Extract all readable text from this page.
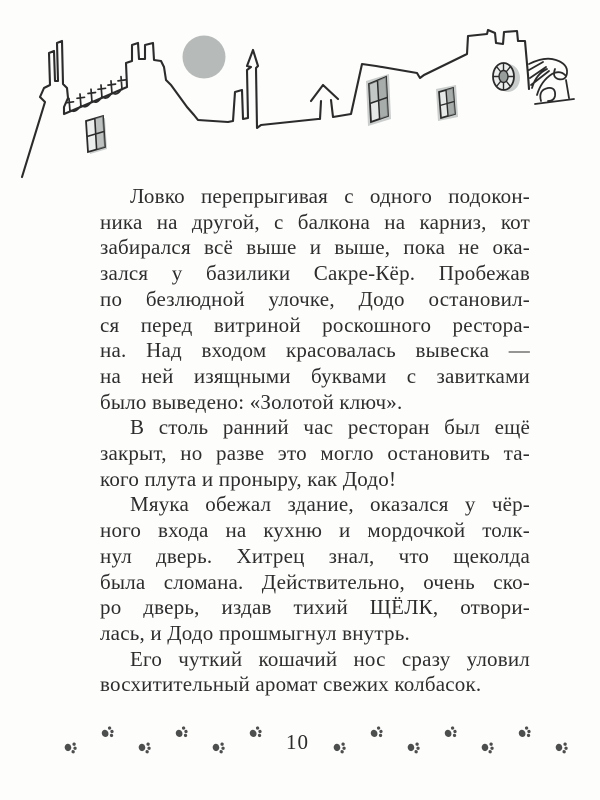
Ловко перепрыгивая с одного подокон-
ника на другой, с балкона на карниз, кот
забирался всё выше и выше, пока не ока-
зался у базилики Сакре-Кёр. Пробежав
по безлюдной улочке, Додо остановил-
ся перед витриной роскошного рестора-
на. Над входом красовалась вывеска —
на ней изящными буквами с завитками
было выведено: «Золотой ключ».
В столь ранний час ресторан был ещё
закрыт, но разве это могло остановить та-
кого плута и проныру, как Додо!
Мяука обежал здание, оказался у чёр-
ного входа на кухню и мордочкой толк-
нул дверь. Хитрец знал, что щеколда
была сломана. Действительно, очень ско-
ро дверь, издав тихий ЩЁЛК, отвори-
лась, и Додо прошмыгнул внутрь.
Его чуткий кошачий нос сразу уловил
восхитительный аромат свежих колбасок.
10
